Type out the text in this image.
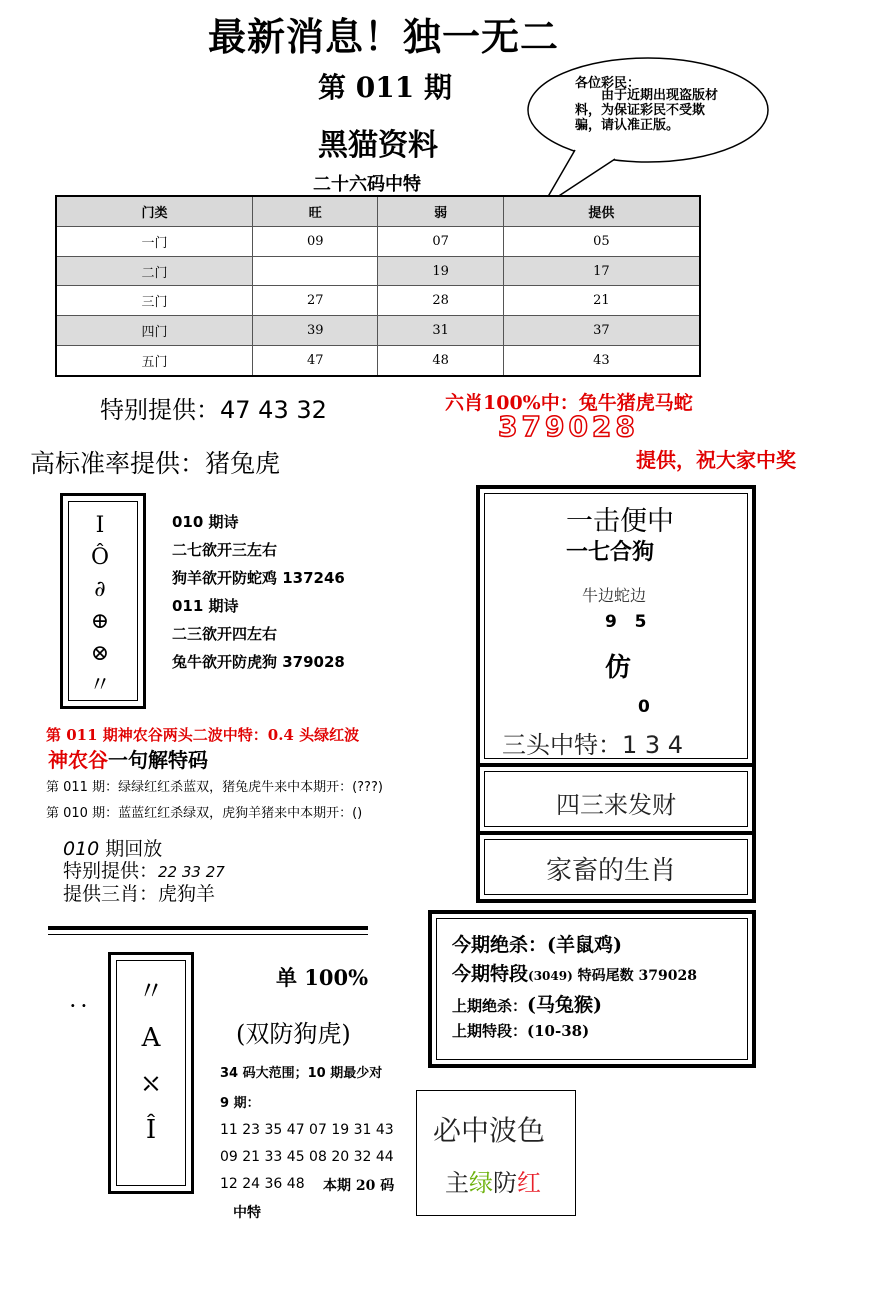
最新消息！独一无二
第 011 期
黑猫资料
二十六码中特
各位彩民：
由于近期出现盗版材料，为保证彩民不受欺骗，请认准正版。
门类	旺	弱	提供
一门	09	07	05
二门		19	17
三门	27	28	21
四门	39	31	37
五门	47	48	43
特别提供：47 43 32
高标准率提供：猪兔虎
六肖100%中：兔牛猪虎马蛇
379028
提供，祝大家中奖
I Ô ∂ ⊕ ⊗ 〃
010 期诗
二七欲开三左右
狗羊欲开防蛇鸡 137246
011 期诗
二三欲开四左右
兔牛欲开防虎狗 379028
第 011 期神农谷两头二波中特：0.4 头绿红波
神农谷一句解特码
第 011 期：绿绿红红杀蓝双，猪兔虎牛来中本期开：(???)
第 010 期：蓝蓝红红杀绿双，虎狗羊猪来中本期开：()
010 期回放
特别提供：22 33 27
提供三肖：虎狗羊
一击便中
一七合狗
牛边蛇边
9   5
仿
0
三头中特：1 3 4
四三来发财
家畜的生肖
今期绝杀：(羊鼠鸡)
今期特段(3049) 特码尾数 379028
上期绝杀：(马兔猴)
上期特段：(10-38)
〃 A ⤬ Î
· ·
单 100%
(双防狗虎)
34 码大范围；10 期最少对
9 期：
11 23 35 47 07 19 31 43
09 21 33 45 08 20 32 44
12 24 36 48 本期 20 码
中特
必中波色
主绿防红
